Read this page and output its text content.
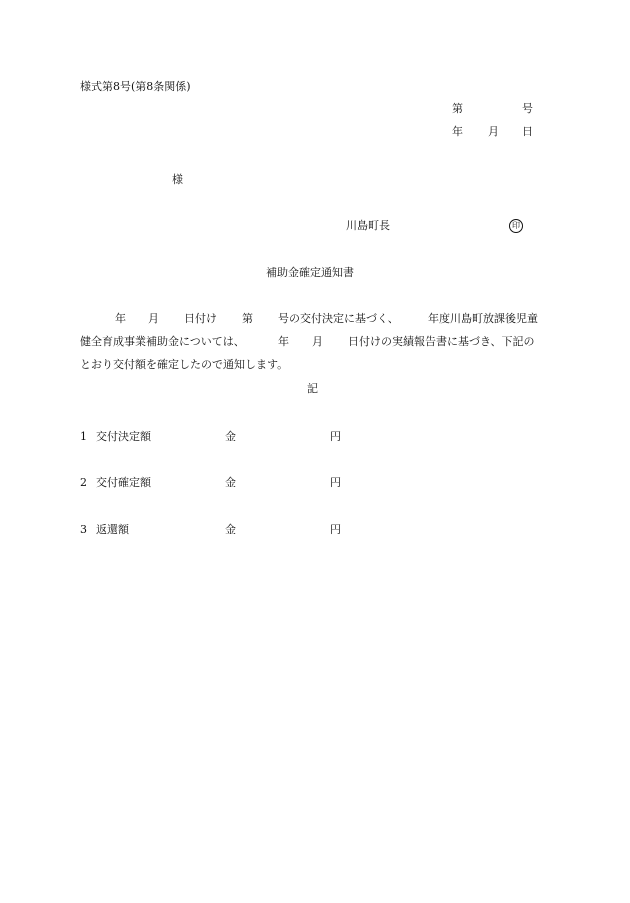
様式第8号(第8条関係)
第	号
年 月 日
様
川島町長	印
補助金確定通知書
年 月 日付け 第 号の交付決定に基づく、	年度川島町放課後児童
健全育成事業補助金については、	年 月 日付けの実績報告書に基づき、下記の
とおり交付額を確定したので通知します。
記
1 交付決定額	金	円
2 交付確定額	金	円
3 返還額	金	円
